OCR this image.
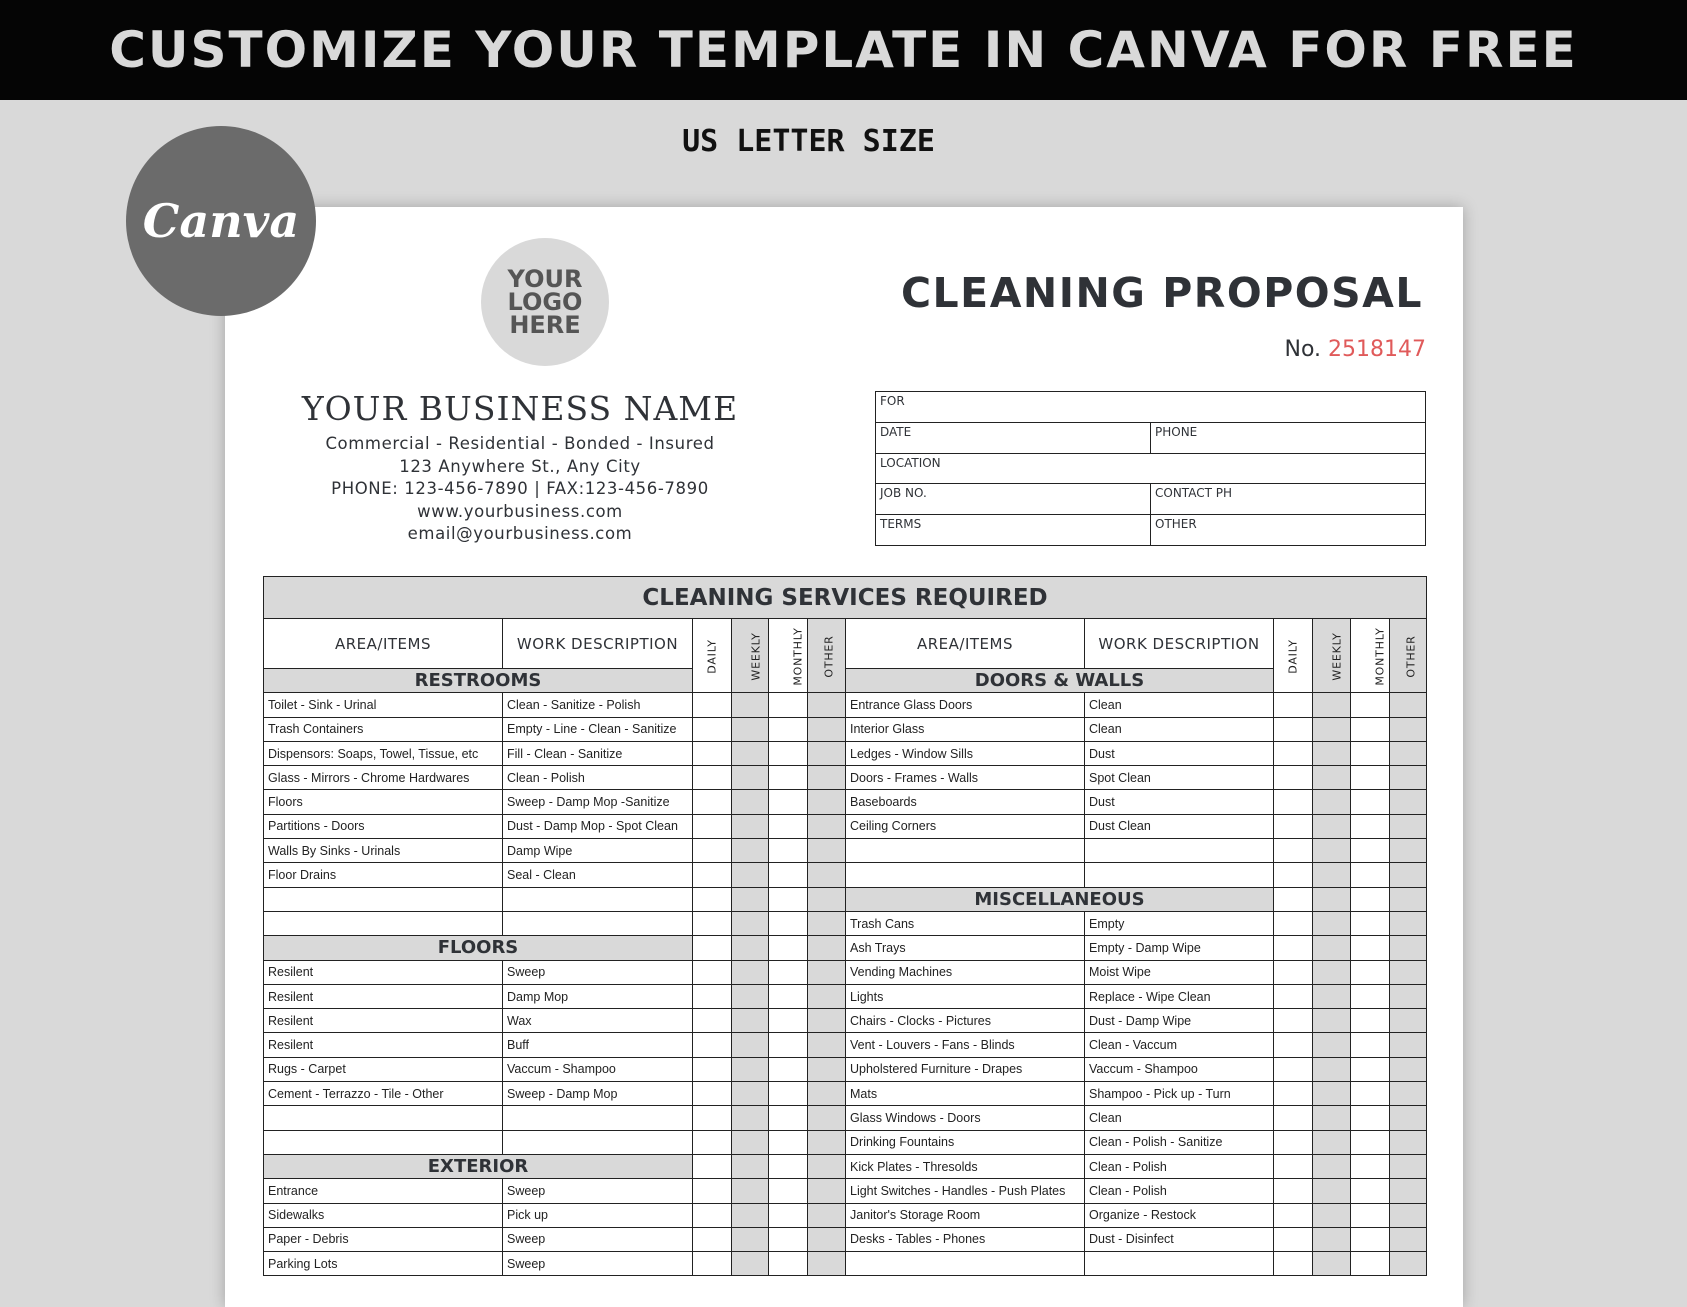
CUSTOMIZE YOUR TEMPLATE IN CANVA FOR FREE
US LETTER SIZE
Canva
YOUR LOGO HERE
YOUR BUSINESS NAME
Commercial - Residential - Bonded - Insured
123 Anywhere St., Any City
PHONE: 123-456-7890 | FAX:123-456-7890
www.yourbusiness.com
email@yourbusiness.com
CLEANING PROPOSAL
No. 2518147
FOR	
DATE	PHONE
LOCATION	
JOB NO.	CONTACT PH
TERMS	OTHER
CLEANING SERVICES REQUIRED											
AREA/ITEMS	WORK DESCRIPTION	DAILY	WEEKLY	MONTHLY	OTHER	AREA/ITEMS	WORK DESCRIPTION	DAILY	WEEKLY	MONTHLY	OTHER
RESTROOMS						DOORS & WALLS					
Toilet - Sink - Urinal	Clean - Sanitize - Polish					Entrance Glass Doors	Clean				
Trash Containers	Empty - Line - Clean - Sanitize					Interior Glass	Clean				
Dispensors: Soaps, Towel, Tissue, etc	Fill - Clean - Sanitize					Ledges - Window Sills	Dust				
Glass - Mirrors - Chrome Hardwares	Clean - Polish					Doors - Frames - Walls	Spot Clean				
Floors	Sweep - Damp Mop -Sanitize					Baseboards	Dust				
Partitions - Doors	Dust - Damp Mop - Spot Clean					Ceiling Corners	Dust Clean				
Walls By Sinks - Urinals	Damp Wipe										
Floor Drains	Seal - Clean										
						MISCELLANEOUS					
						Trash Cans	Empty				
FLOORS						Ash Trays	Empty - Damp Wipe				
Resilent	Sweep					Vending Machines	Moist Wipe				
Resilent	Damp Mop					Lights	Replace - Wipe Clean				
Resilent	Wax					Chairs - Clocks - Pictures	Dust - Damp Wipe				
Resilent	Buff					Vent - Louvers - Fans - Blinds	Clean - Vaccum				
Rugs - Carpet	Vaccum - Shampoo					Upholstered Furniture - Drapes	Vaccum - Shampoo				
Cement - Terrazzo - Tile - Other	Sweep - Damp Mop					Mats	Shampoo - Pick up - Turn				
						Glass Windows - Doors	Clean				
						Drinking Fountains	Clean - Polish - Sanitize				
EXTERIOR						Kick Plates - Thresolds	Clean - Polish				
Entrance	Sweep					Light Switches - Handles - Push Plates	Clean - Polish				
Sidewalks	Pick up					Janitor's Storage Room	Organize - Restock				
Paper - Debris	Sweep					Desks - Tables - Phones	Dust - Disinfect				
Parking Lots	Sweep										
